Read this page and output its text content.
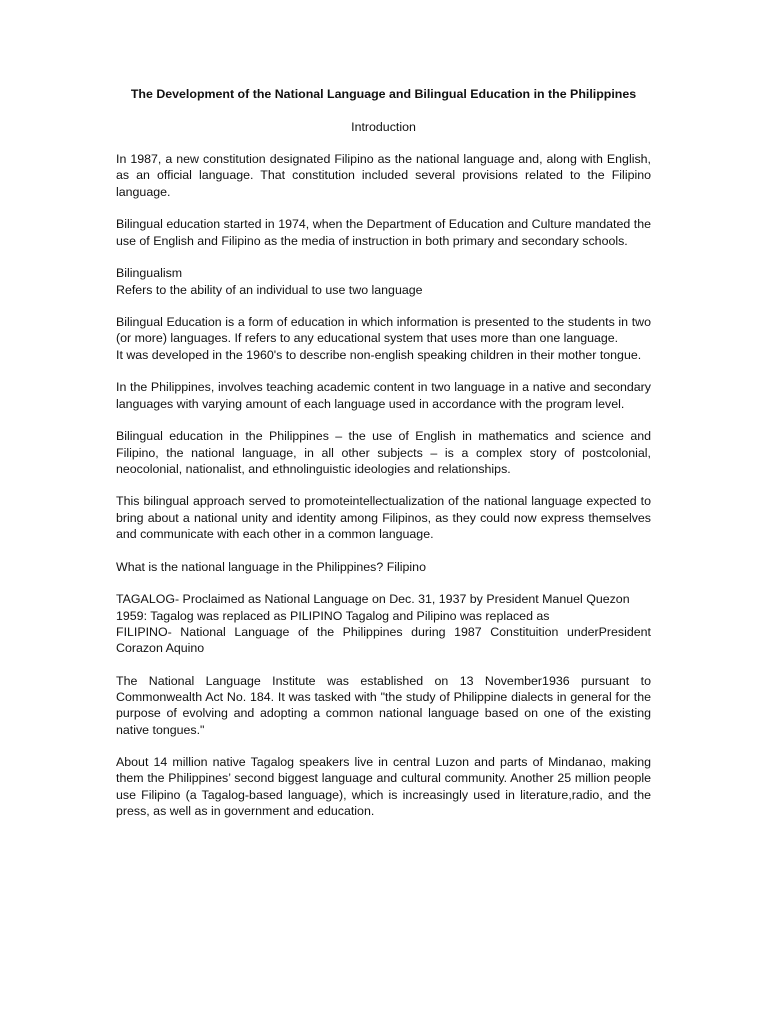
The Development of the National Language and Bilingual Education in the Philippines
Introduction

In 1987, a new constitution designated Filipino as the national language and, along with English, as an official language. That constitution included several provisions related to the Filipino language.

Bilingual education started in 1974, when the Department of Education and Culture mandated the use of English and Filipino as the media of instruction in both primary and secondary schools.

Bilingualism
Refers to the ability of an individual to use two language

Bilingual Education is a form of education in which information is presented to the students in two (or more) languages. If refers to any educational system that uses more than one language.
It was developed in the 1960's to describe non-english speaking children in their mother tongue.

In the Philippines, involves teaching academic content in two language in a native and secondary languages with varying amount of each language used in accordance with the program level.

Bilingual education in the Philippines – the use of English in mathematics and science and Filipino, the national language, in all other subjects – is a complex story of postcolonial, neocolonial, nationalist, and ethnolinguistic ideologies and relationships.

This bilingual approach served to promoteintellectualization of the national language expected to bring about a national unity and identity among Filipinos, as they could now express themselves and communicate with each other in a common language.

What is the national language in the Philippines? Filipino

TAGALOG- Proclaimed as National Language on Dec. 31, 1937 by President Manuel Quezon
1959: Tagalog was replaced as PILIPINO Tagalog and Pilipino was replaced as
FILIPINO- National Language of the Philippines during 1987 Constituition underPresident Corazon Aquino

The National Language Institute was established on 13 November1936 pursuant to Commonwealth Act No. 184. It was tasked with "the study of Philippine dialects in general for the purpose of evolving and adopting a common national language based on one of the existing native tongues."

About 14 million native Tagalog speakers live in central Luzon and parts of Mindanao, making them the Philippines’ second biggest language and cultural community. Another 25 million people use Filipino (a Tagalog-based language), which is increasingly used in literature,radio, and the press, as well as in government and education.
